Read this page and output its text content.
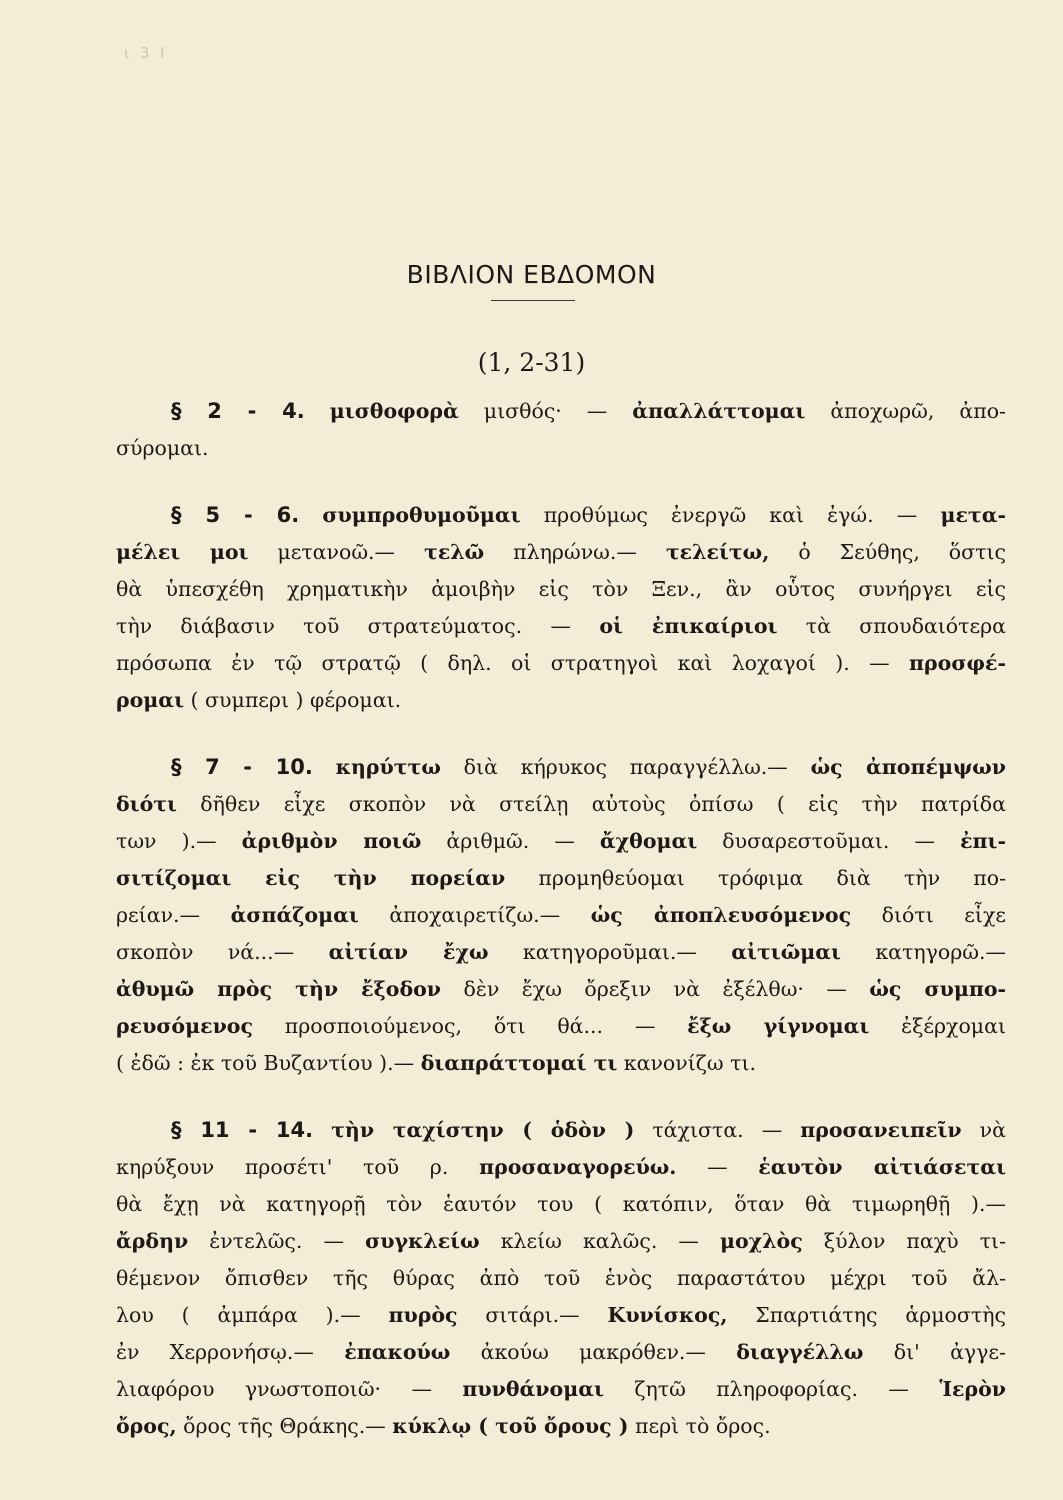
ι 3 Ι
ΒΙΒΛΙΟΝ ΕΒΔΟΜΟΝ
(1, 2-31)
§ 2 - 4. μισθοφορὰ μισθός· — ἀπαλλάττομαι ἀποχωρῶ, ἀπο-
σύρομαι.
§ 5 - 6. συμπροθυμοῦμαι προθύμως ἐνεργῶ καὶ ἐγώ. — μετα-
μέλει μοι μετανοῶ.— τελῶ πληρώνω.— τελείτω, ὁ Σεύθης, ὅστις
θὰ ὑπεσχέθη χρηματικὴν ἀμοιβὴν εἰς τὸν Ξεν., ἂν οὗτος συνήργει εἰς
τὴν διάβασιν τοῦ στρατεύματος. — οἱ ἐπικαίριοι τὰ σπουδαιότερα
πρόσωπα ἐν τῷ στρατῷ ( δηλ. οἱ στρατηγοὶ καὶ λοχαγοί ). — προσφέ-
ρομαι ( συμπερι ) φέρομαι.
§ 7 - 10. κηρύττω διὰ κήρυκος παραγγέλλω.— ὡς ἀποπέμψων
διότι δῆθεν εἶχε σκοπὸν νὰ στείλῃ αὐτοὺς ὀπίσω ( εἰς τὴν πατρίδα
των ).— ἀριθμὸν ποιῶ ἀριθμῶ. — ἄχθομαι δυσαρεστοῦμαι. — ἐπι-
σιτίζομαι εἰς τὴν πορείαν προμηθεύομαι τρόφιμα διὰ τὴν πο-
ρείαν.— ἀσπάζομαι ἀποχαιρετίζω.— ὡς ἀποπλευσόμενος διότι εἶχε
σκοπὸν νά...— αἰτίαν ἔχω κατηγοροῦμαι.— αἰτιῶμαι κατηγορῶ.—
ἀθυμῶ πρὸς τὴν ἔξοδον δὲν ἔχω ὄρεξιν νὰ ἐξέλθω· — ὡς συμπο-
ρευσόμενος προσποιούμενος, ὅτι θά... — ἔξω γίγνομαι ἐξέρχομαι
( ἐδῶ : ἐκ τοῦ Βυζαντίου ).— διαπράττομαί τι κανονίζω τι.
§ 11 - 14. τὴν ταχίστην ( ὁδὸν ) τάχιστα. — προσανειπεῖν νὰ
κηρύξουν προσέτι' τοῦ ρ. προσαναγορεύω. — ἑαυτὸν αἰτιάσεται
θὰ ἔχῃ νὰ κατηγορῇ τὸν ἑαυτόν του ( κατόπιν, ὅταν θὰ τιμωρηθῇ ).—
ἄρδην ἐντελῶς. — συγκλείω κλείω καλῶς. — μοχλὸς ξύλον παχὺ τι-
θέμενον ὄπισθεν τῆς θύρας ἀπὸ τοῦ ἑνὸς παραστάτου μέχρι τοῦ ἄλ-
λου ( ἀμπάρα ).— πυρὸς σιτάρι.— Κυνίσκος, Σπαρτιάτης ἁρμοστὴς
ἐν Χερρονήσῳ.— ἐπακούω ἀκούω μακρόθεν.— διαγγέλλω δι' ἀγγε-
λιαφόρου γνωστοποιῶ· — πυνθάνομαι ζητῶ πληροφορίας. — Ἱερὸν
ὄρος, ὄρος τῆς Θράκης.— κύκλῳ ( τοῦ ὄρους ) περὶ τὸ ὄρος.
